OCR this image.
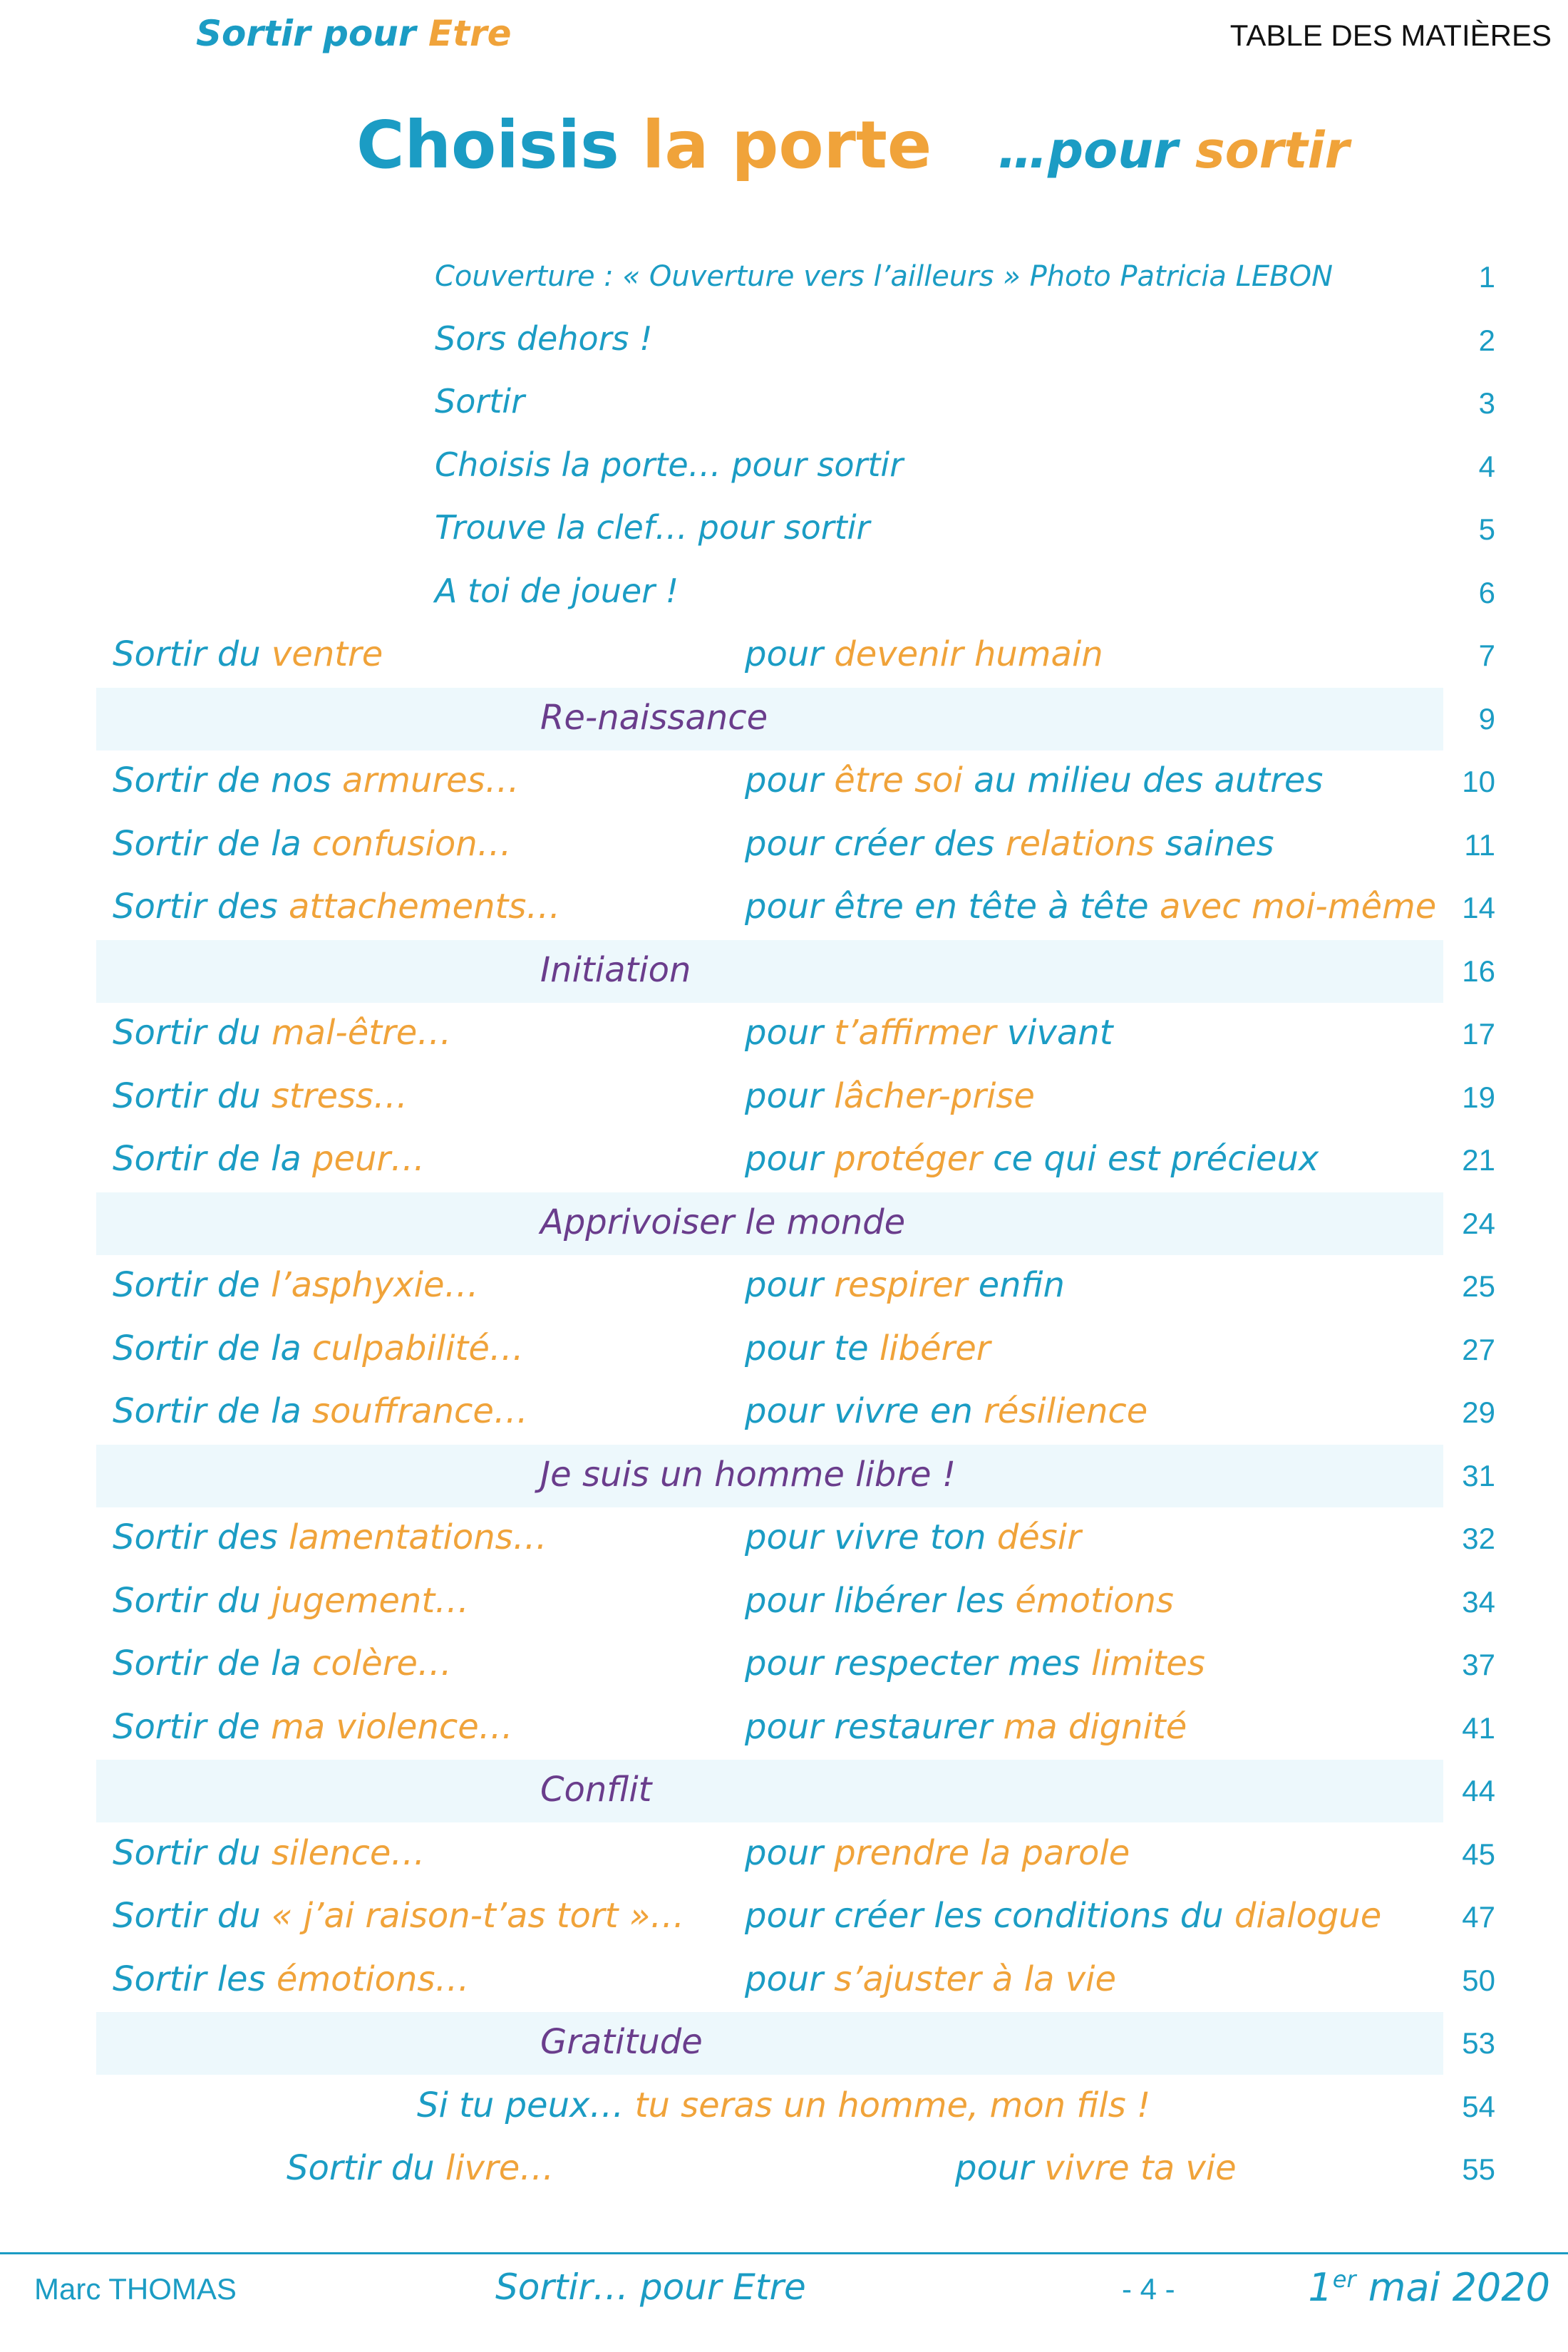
Sortir pour Etre	TABLE DES MATIÈRES
Choisis la porte …pour sortir
Couverture : « Ouverture vers l’ailleurs » Photo Patricia LEBON	1
Sors dehors !	2
Sortir	3
Choisis la porte… pour sortir	4
Trouve la clef… pour sortir	5
A toi de jouer !	6
Sortir du ventre	pour devenir humain	7
Re-naissance	9
Sortir de nos armures…	pour être soi au milieu des autres	10
Sortir de la confusion…	pour créer des relations saines	11
Sortir des attachements…	pour être en tête à tête avec moi-même 14
Initiation	16
Sortir du mal-être…	pour t’affirmer vivant	17
Sortir du stress…	pour lâcher-prise	19
Sortir de la peur…	pour protéger ce qui est précieux	21
Apprivoiser le monde	24
Sortir de l’asphyxie…	pour respirer enfin	25
Sortir de la culpabilité…	pour te libérer	27
Sortir de la souffrance…	pour vivre en résilience	29
Je suis un homme libre !	31
Sortir des lamentations…	pour vivre ton désir	32
Sortir du jugement…	pour libérer les émotions	34
Sortir de la colère…	pour respecter mes limites	37
Sortir de ma violence…	pour restaurer ma dignité	41
Conflit	44
Sortir du silence…	pour prendre la parole	45
Sortir du « j’ai raison-t’as tort »… pour créer les conditions du dialogue	47
Sortir les émotions…	pour s’ajuster à la vie	50
Gratitude	53
Si tu peux… tu seras un homme, mon fils !	54
Sortir du livre…	pour vivre ta vie	55
Marc THOMAS	Sortir… pour Etre	- 4 -	1er mai 2020
